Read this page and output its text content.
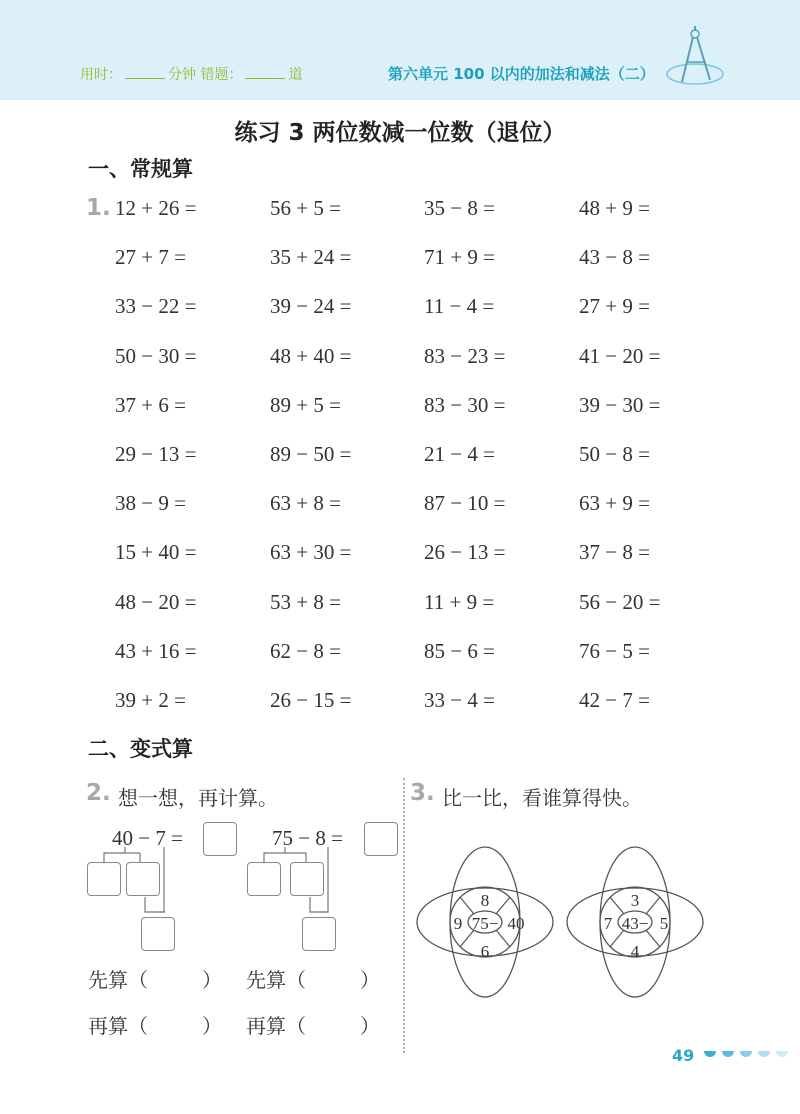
用时：	分钟 错题：	道	第六单元 100 以内的加法和减法（二）
练习 3 两位数减一位数（退位）
一、常规算
1. 12 + 26 =	56 + 5 =	35 − 8 =	48 + 9 =
27 + 7 =	35 + 24 =	71 + 9 =	43 − 8 =
33 − 22 =	39 − 24 =	11 − 4 =	27 + 9 =
50 − 30 =	48 + 40 =	83 − 23 =	41 − 20 =
37 + 6 =	89 + 5 =	83 − 30 =	39 − 30 =
29 − 13 =	89 − 50 =	21 − 4 =	50 − 8 =
38 − 9 =	63 + 8 =	87 − 10 =	63 + 9 =
15 + 40 =	63 + 30 =	26 − 13 =	37 − 8 =
48 − 20 =	53 + 8 =	11 + 9 =	56 − 20 =
43 + 16 =	62 − 8 =	85 − 6 =	76 − 5 =
39 + 2 =	26 − 15 =	33 − 4 =	42 − 7 =
二、变式算
2. 想一想，再计算。
40 − 7 =	75 − 8 =
先算（	） 先算（	）
再算（	） 再算（	）
3. 比一比，看谁算得快。
75−
8
6
9	40	43−
3
4
7	5
49
